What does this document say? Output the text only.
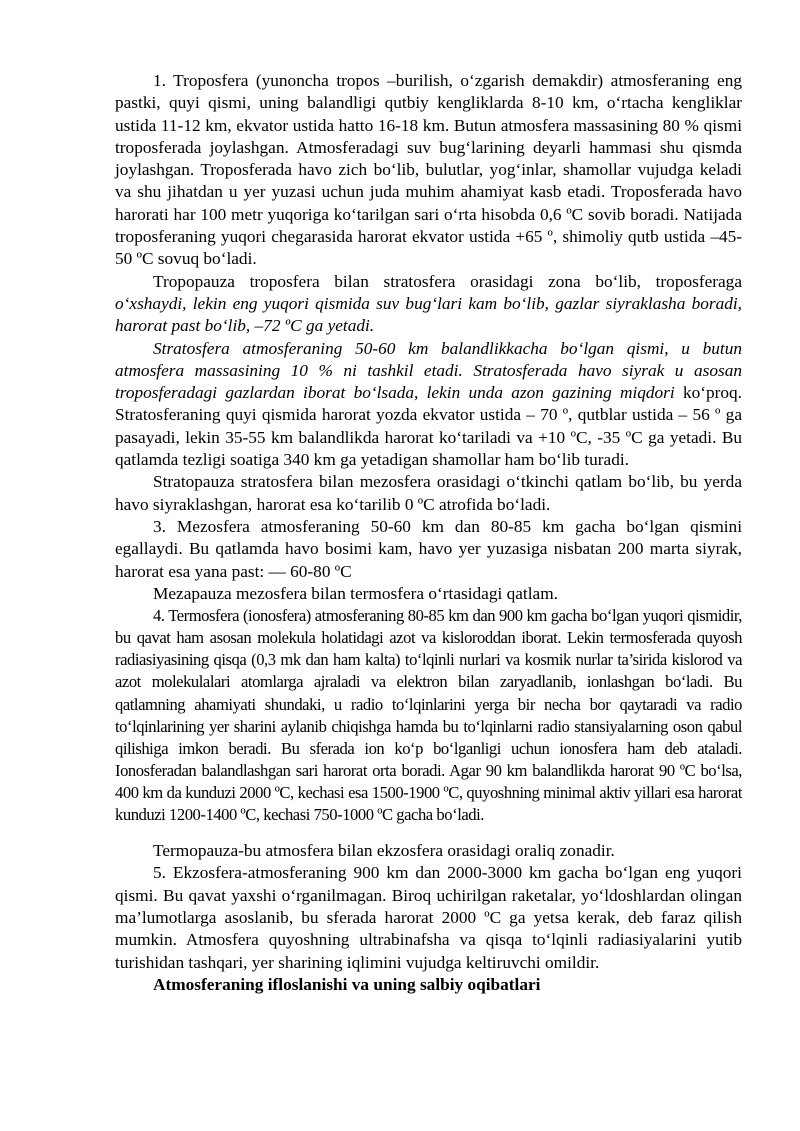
1. Troposfera (yunoncha tropos –burilish, o‘zgarish demakdir) atmosferaning eng pastki, quyi qismi, uning balandligi qutbiy kengliklarda 8-10 km, o‘rtacha kengliklar ustida 11-12 km, ekvator ustida hatto 16-18 km. Butun atmosfera massasining 80 % qismi troposferada joylashgan. Atmosferadagi suv bug‘larining deyarli hammasi shu qismda joylashgan. Troposferada havo zich bo‘lib, bulutlar, yog‘inlar, shamollar vujudga keladi va shu jihatdan u yer yuzasi uchun juda muhim ahamiyat kasb etadi. Troposferada havo harorati har 100 metr yuqoriga ko‘tarilgan sari o‘rta hisobda 0,6 ºC sovib boradi. Natijada troposferaning yuqori chegarasida harorat ekvator ustida +65 º, shimoliy qutb ustida –45-50 ºC sovuq bo‘ladi.

Tropopauza troposfera bilan stratosfera orasidagi zona bo‘lib, troposferaga o‘xshaydi, lekin eng yuqori qismida suv bug‘lari kam bo‘lib, gazlar siyraklasha boradi, harorat past bo‘lib, –72 ºC ga yetadi.

Stratosfera atmosferaning 50-60 km balandlikkacha bo‘lgan qismi, u butun atmosfera massasining 10 % ni tashkil etadi. Stratosferada havo siyrak u asosan troposferadagi gazlardan iborat bo‘lsada, lekin unda azon gazining miqdori ko‘proq. Stratosferaning quyi qismida harorat yozda ekvator ustida – 70 º, qutblar ustida – 56 º ga pasayadi, lekin 35-55 km balandlikda harorat ko‘tariladi va +10 ºC, -35 ºC ga yetadi. Bu qatlamda tezligi soatiga 340 km ga yetadigan shamollar ham bo‘lib turadi.

Stratopauza stratosfera bilan mezosfera orasidagi o‘tkinchi qatlam bo‘lib, bu yerda havo siyraklashgan, harorat esa ko‘tarilib 0 ºC atrofida bo‘ladi.

3. Mezosfera atmosferaning 50-60 km dan 80-85 km gacha bo‘lgan qismini egallaydi. Bu qatlamda havo bosimi kam, havo yer yuzasiga nisbatan 200 marta siyrak, harorat esa yana past: — 60-80 ºC

Mezapauza mezosfera bilan termosfera o‘rtasidagi qatlam.

4. Termosfera (ionosfera) atmosferaning 80-85 km dan 900 km gacha bo‘lgan yuqori qismidir, bu qavat ham asosan molekula holatidagi azot va kisloroddan iborat. Lekin termosferada quyosh radiasiyasining qisqa (0,3 mk dan ham kalta) to‘lqinli nurlari va kosmik nurlar ta’sirida kislorod va azot molekulalari atomlarga ajraladi va elektron bilan zaryadlanib, ionlashgan bo‘ladi. Bu qatlamning ahamiyati shundaki, u radio to‘lqinlarini yerga bir necha bor qaytaradi va radio to‘lqinlarining yer sharini aylanib chiqishga hamda bu to‘lqinlarni radio stansiyalarning oson qabul qilishiga imkon beradi. Bu sferada ion ko‘p bo‘lganligi uchun ionosfera ham deb ataladi. Ionosferadan balandlashgan sari harorat orta boradi. Agar 90 km balandlikda harorat 90 ºC bo‘lsa, 400 km da kunduzi 2000 ºC, kechasi esa 1500-1900 ºC, quyoshning minimal aktiv yillari esa harorat kunduzi 1200-1400 ºC, kechasi 750-1000 ºC gacha bo‘ladi.

Termopauza-bu atmosfera bilan ekzosfera orasidagi oraliq zonadir.

5. Ekzosfera-atmosferaning 900 km dan 2000-3000 km gacha bo‘lgan eng yuqori qismi. Bu qavat yaxshi o‘rganilmagan. Biroq uchirilgan raketalar, yo‘ldoshlardan olingan ma’lumotlarga asoslanib, bu sferada harorat 2000 ºC ga yetsa kerak, deb faraz qilish mumkin. Atmosfera quyoshning ultrabinafsha va qisqa to‘lqinli radiasiyalarini yutib turishidan tashqari, yer sharining iqlimini vujudga keltiruvchi omildir.

Atmosferaning ifloslanishi va uning salbiy oqibatlari
